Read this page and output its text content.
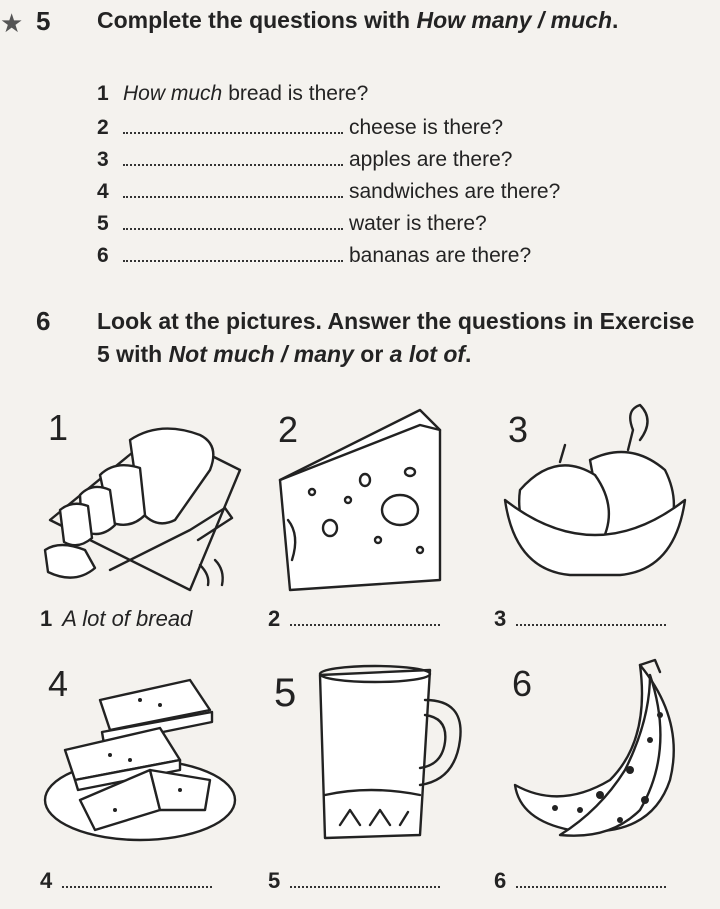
★ 5 Complete the questions with How many / much.
1 How much bread is there?
2	cheese is there?
3	apples are there?
4	sandwiches are there?
5	water is there?
6	bananas are there?
6 Look at the pictures. Answer the questions in Exercise 5 with Not much / many or a lot of.
1	2	3
1 A lot of bread	2	3
4	5	6
4	5	6
